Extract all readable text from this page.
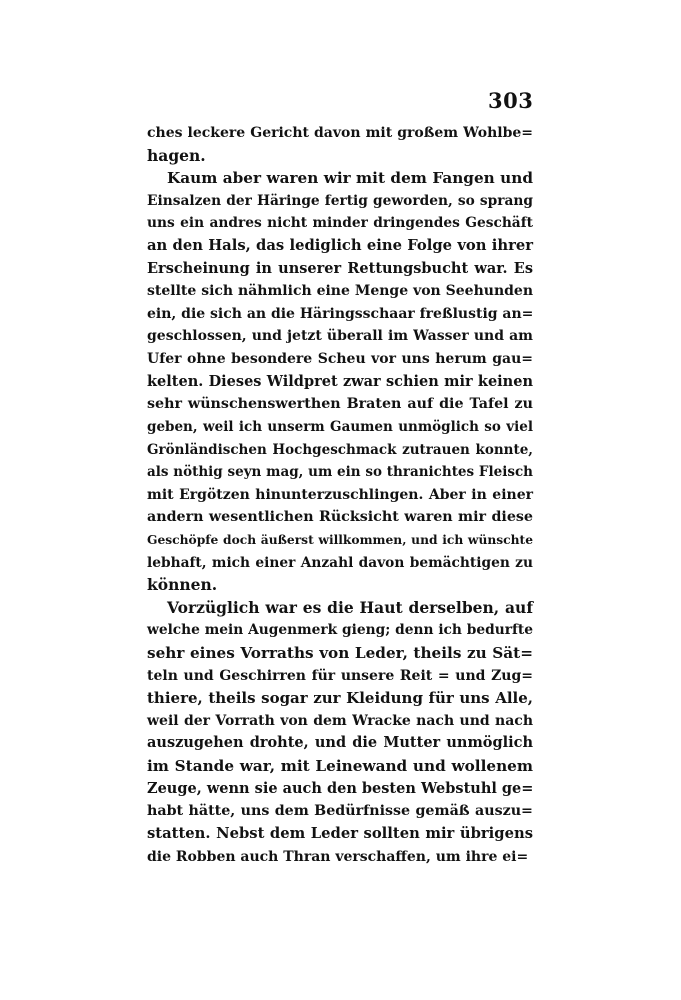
303
ches leckere Gericht davon mit großem Wohlbe=
hagen.
Kaum aber waren wir mit dem Fangen und
Einsalzen der Häringe fertig geworden, so sprang
uns ein andres nicht minder dringendes Geschäft
an den Hals, das lediglich eine Folge von ihrer
Erscheinung in unserer Rettungsbucht war. Es
stellte sich nähmlich eine Menge von Seehunden
ein, die sich an die Häringsschaar freßlustig an=
geschlossen, und jetzt überall im Wasser und am
Ufer ohne besondere Scheu vor uns herum gau=
kelten. Dieses Wildpret zwar schien mir keinen
sehr wünschenswerthen Braten auf die Tafel zu
geben, weil ich unserm Gaumen unmöglich so viel
Grönländischen Hochgeschmack zutrauen konnte,
als nöthig seyn mag, um ein so thranichtes Fleisch
mit Ergötzen hinunterzuschlingen. Aber in einer
andern wesentlichen Rücksicht waren mir diese
Geschöpfe doch äußerst willkommen, und ich wünschte
lebhaft, mich einer Anzahl davon bemächtigen zu
können.
Vorzüglich war es die Haut derselben, auf
welche mein Augenmerk gieng; denn ich bedurfte
sehr eines Vorraths von Leder, theils zu Sät=
teln und Geschirren für unsere Reit = und Zug=
thiere, theils sogar zur Kleidung für uns Alle,
weil der Vorrath von dem Wracke nach und nach
auszugehen drohte, und die Mutter unmöglich
im Stande war, mit Leinewand und wollenem
Zeuge, wenn sie auch den besten Webstuhl ge=
habt hätte, uns dem Bedürfnisse gemäß auszu=
statten. Nebst dem Leder sollten mir übrigens
die Robben auch Thran verschaffen, um ihre ei=
